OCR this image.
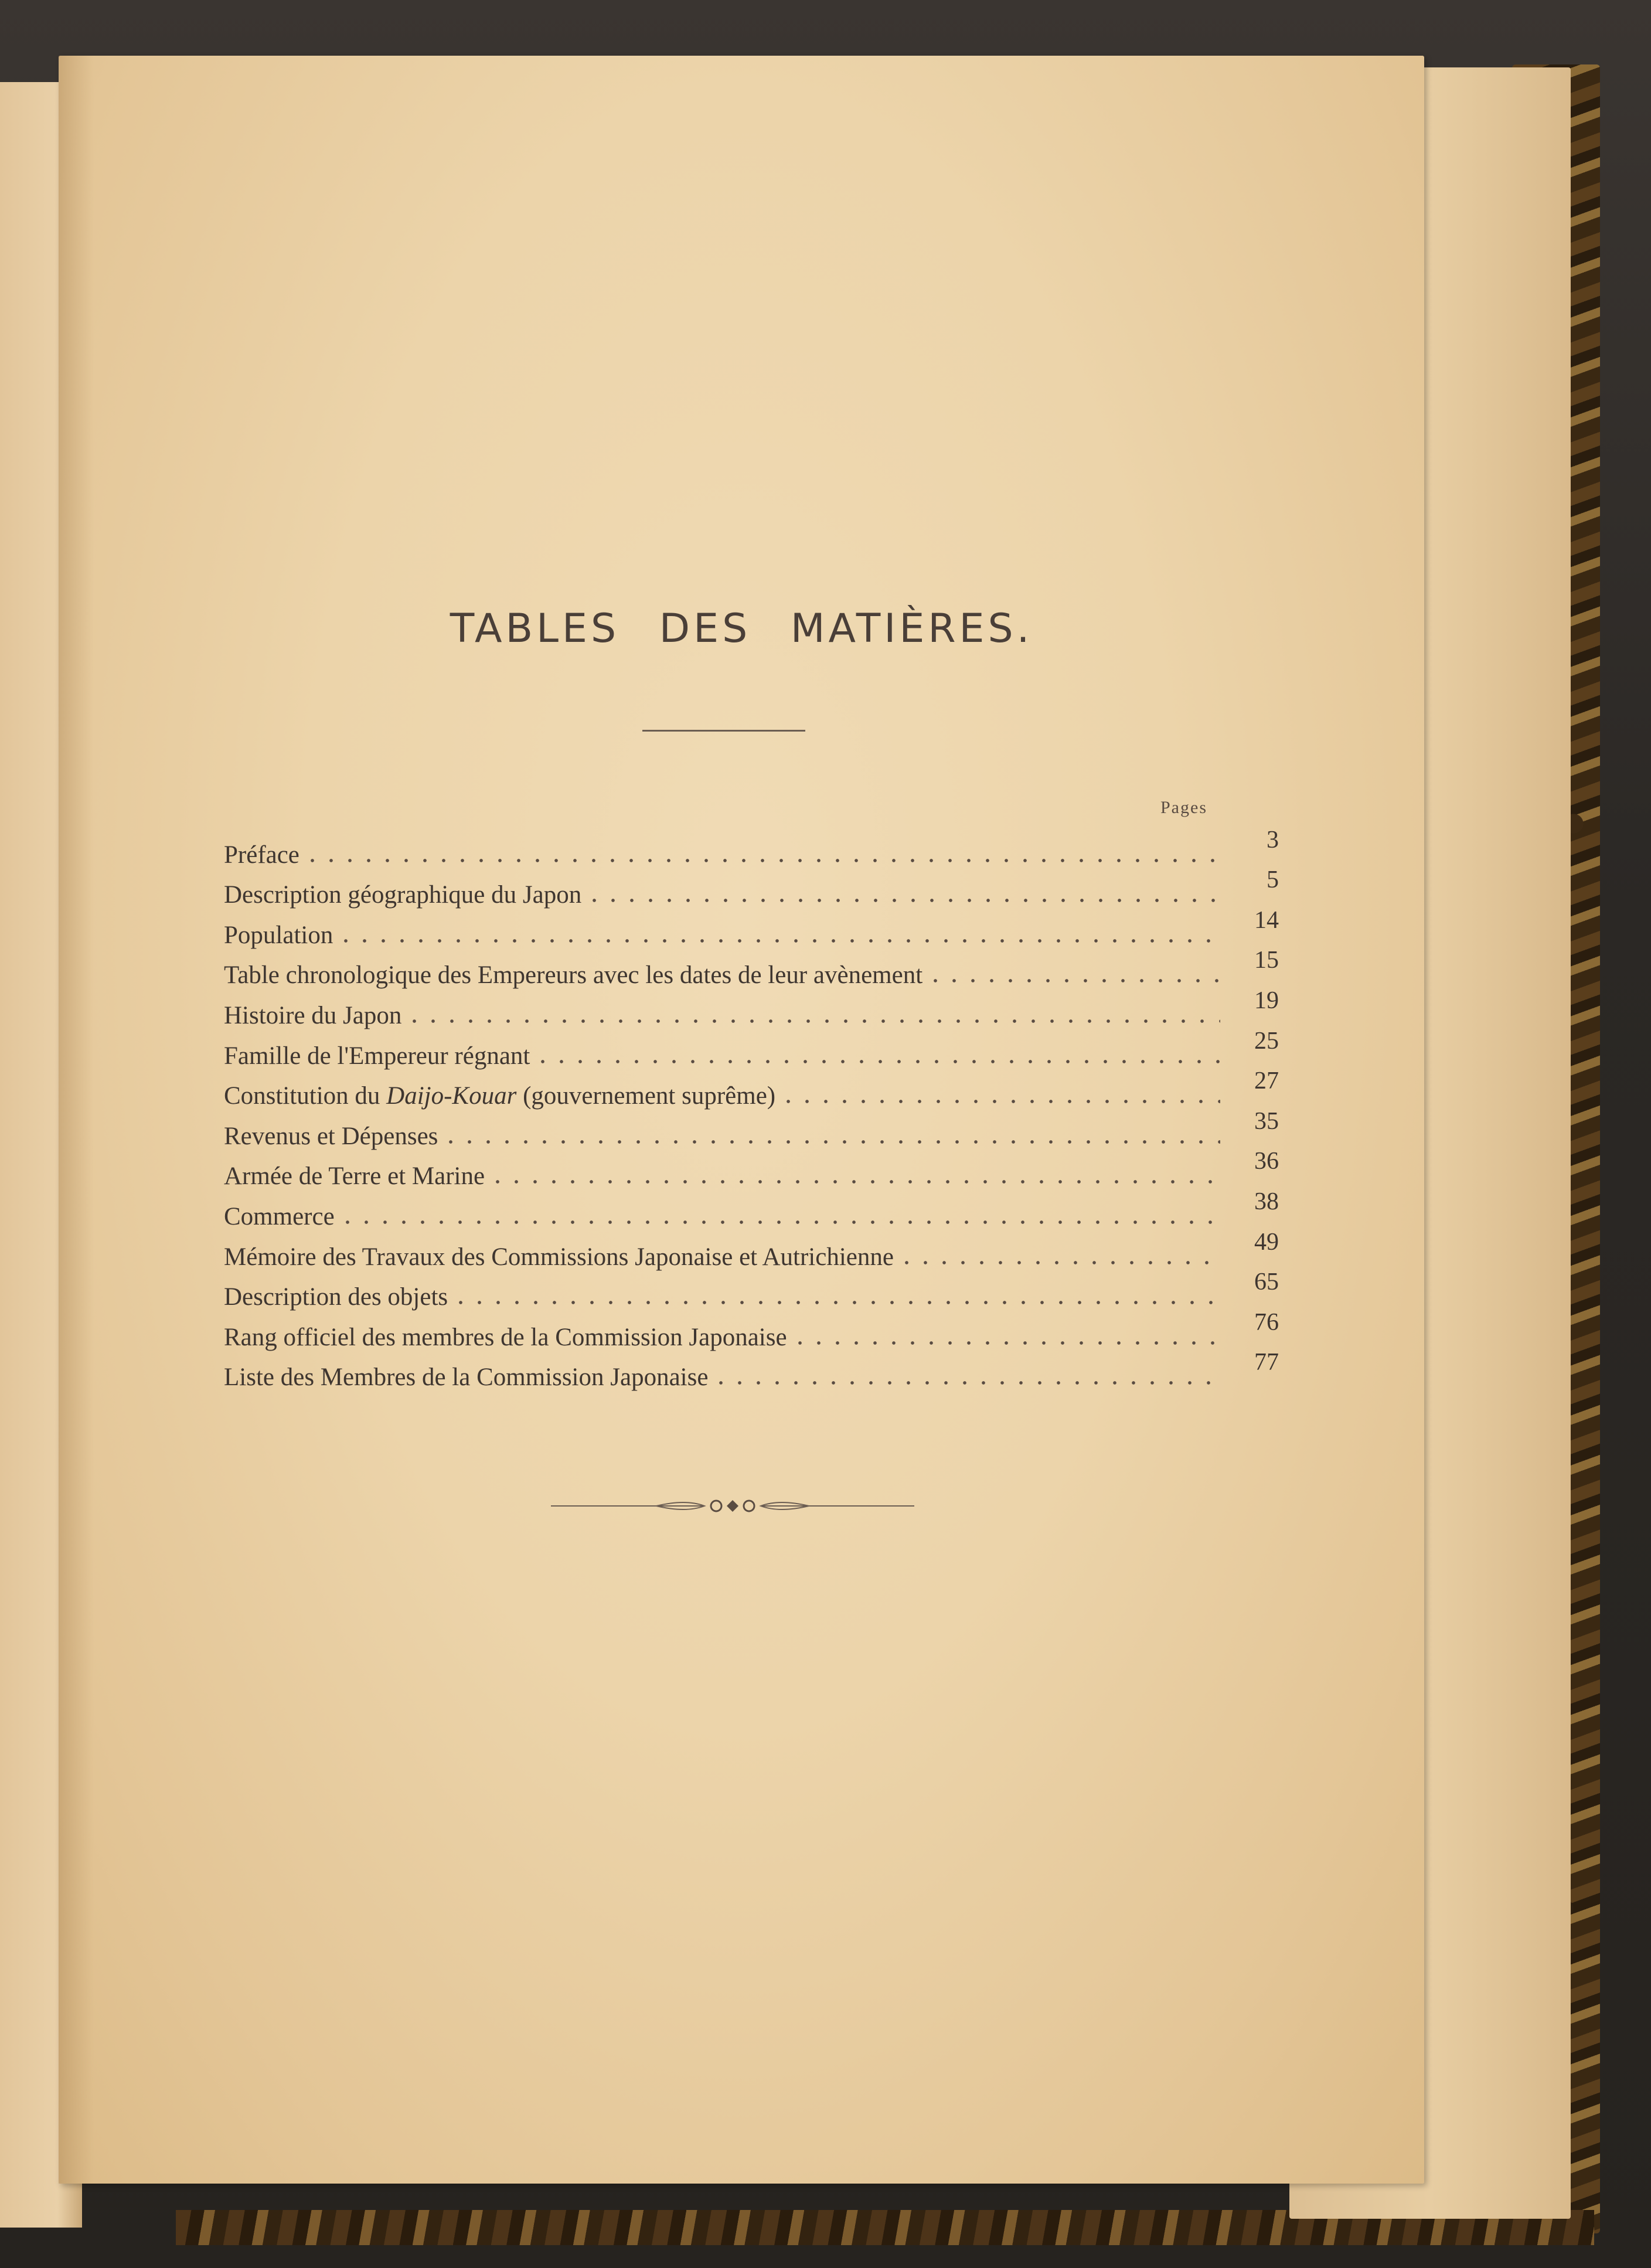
TABLES DES MATIÈRES.
Pages
Préface
3
Description géographique du Japon
5
Population
14
Table chronologique des Empereurs avec les dates de leur avènement
15
Histoire du Japon
19
Famille de l'Empereur régnant
25
Constitution du Daijo-Kouar (gouvernement suprême)
27
Revenus et Dépenses
35
Armée de Terre et Marine
36
Commerce
38
Mémoire des Travaux des Commissions Japonaise et Autrichienne
49
Description des objets
65
Rang officiel des membres de la Commission Japonaise
76
Liste des Membres de la Commission Japonaise
77
